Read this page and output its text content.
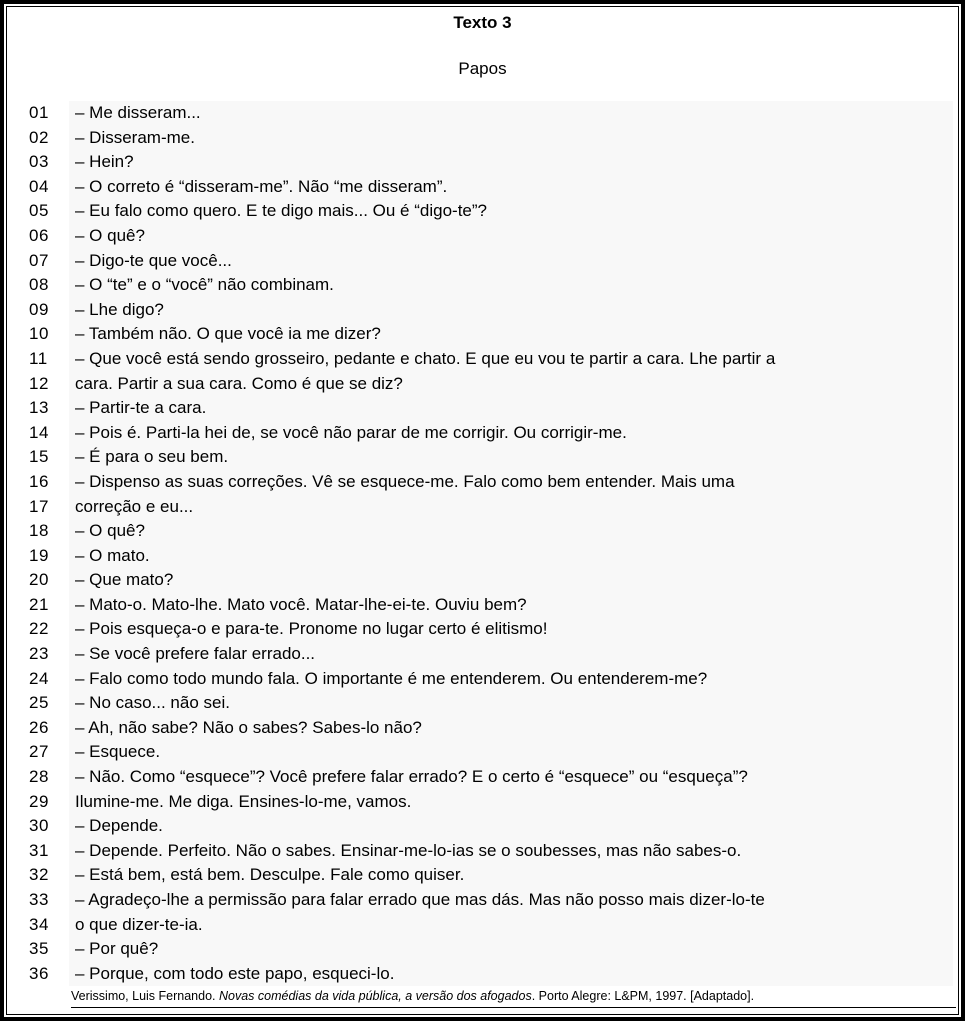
Texto 3
Papos
01	– Me disseram...
02	– Disseram-me.
03	– Hein?
04	– O correto é “disseram-me”. Não “me disseram”.
05	– Eu falo como quero. E te digo mais... Ou é “digo-te”?
06	– O quê?
07	– Digo-te que você...
08	– O “te” e o “você” não combinam.
09	– Lhe digo?
10	– Também não. O que você ia me dizer?
11	– Que você está sendo grosseiro, pedante e chato. E que eu vou te partir a cara. Lhe partir a
12	cara. Partir a sua cara. Como é que se diz?
13	– Partir-te a cara.
14	– Pois é. Parti-la hei de, se você não parar de me corrigir. Ou corrigir-me.
15	– É para o seu bem.
16	– Dispenso as suas correções. Vê se esquece-me. Falo como bem entender. Mais uma
17	correção e eu...
18	– O quê?
19	– O mato.
20	– Que mato?
21	– Mato-o. Mato-lhe. Mato você. Matar-lhe-ei-te. Ouviu bem?
22	– Pois esqueça-o e para-te. Pronome no lugar certo é elitismo!
23	– Se você prefere falar errado...
24	– Falo como todo mundo fala. O importante é me entenderem. Ou entenderem-me?
25	– No caso... não sei.
26	– Ah, não sabe? Não o sabes? Sabes-lo não?
27	– Esquece.
28	– Não. Como “esquece”? Você prefere falar errado? E o certo é “esquece” ou “esqueça”?
29	Ilumine-me. Me diga. Ensines-lo-me, vamos.
30	– Depende.
31	– Depende. Perfeito. Não o sabes. Ensinar-me-lo-ias se o soubesses, mas não sabes-o.
32	– Está bem, está bem. Desculpe. Fale como quiser.
33	– Agradeço-lhe a permissão para falar errado que mas dás. Mas não posso mais dizer-lo-te
34	o que dizer-te-ia.
35	– Por quê?
36	– Porque, com todo este papo, esqueci-lo.
Verissimo, Luis Fernando. Novas comédias da vida pública, a versão dos afogados. Porto Alegre: L&PM, 1997. [Adaptado].
